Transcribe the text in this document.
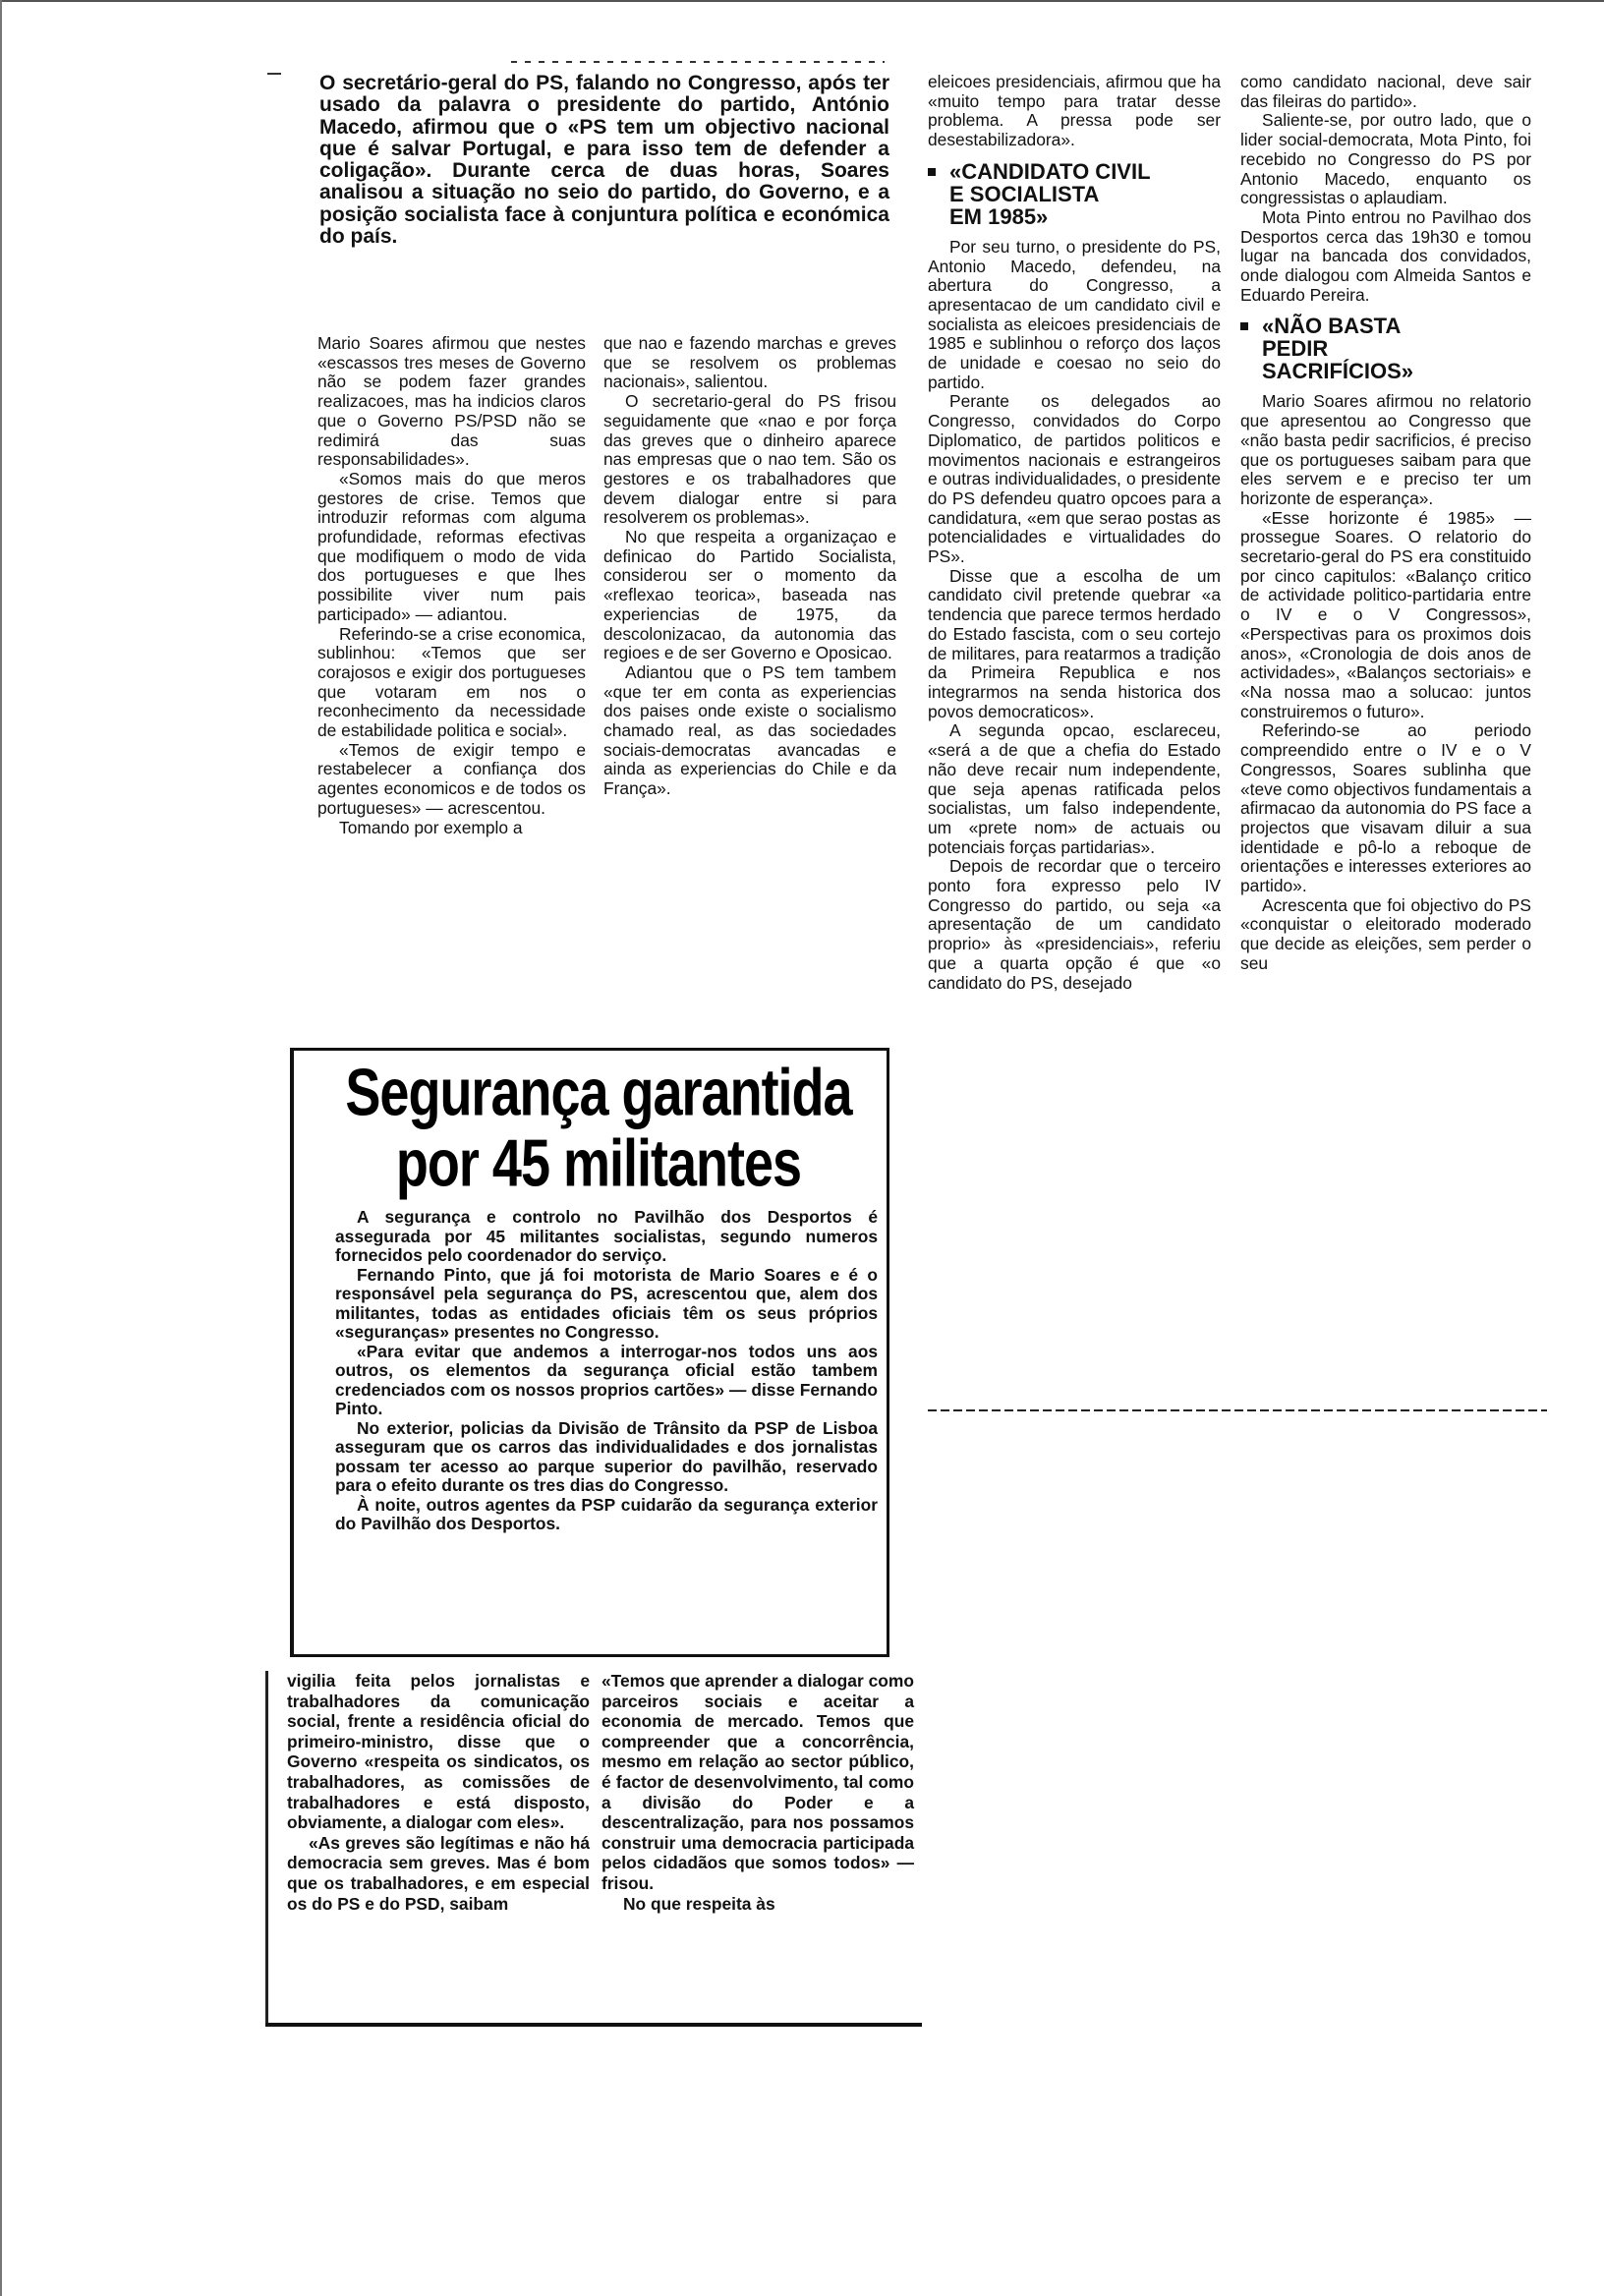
O secretário-geral do PS, falando no Congresso, após ter usado da palavra o presidente do partido, António Macedo, afirmou que o «PS tem um objectivo nacional que é salvar Portugal, e para isso tem de defender a coligação». Durante cerca de duas horas, Soares analisou a situação no seio do partido, do Governo, e a posição socialista face à conjuntura política e económica do país.

Mario Soares afirmou que nestes «escassos tres meses de Governo não se podem fazer grandes realizacoes, mas ha indicios claros que o Governo PS/PSD não se redimirá das suas responsabilidades».

«Somos mais do que meros gestores de crise. Temos que introduzir reformas com alguma profundidade, reformas efectivas que modifiquem o modo de vida dos portugueses e que lhes possibilite viver num pais participado» — adiantou.

Referindo-se a crise economica, sublinhou: «Temos que ser corajosos e exigir dos portugueses que votaram em nos o reconhecimento da necessidade de estabilidade politica e social».

«Temos de exigir tempo e restabelecer a confiança dos agentes economicos e de todos os portugueses» — acrescentou.

Tomando por exemplo a

que nao e fazendo marchas e greves que se resolvem os problemas nacionais», salientou.

O secretario-geral do PS frisou seguidamente que «nao e por força das greves que o dinheiro aparece nas empresas que o nao tem. São os gestores e os trabalhadores que devem dialogar entre si para resolverem os problemas».

No que respeita a organizaçao e definicao do Partido Socialista, considerou ser o momento da «reflexao teorica», baseada nas experiencias de 1975, da descolonizacao, da autonomia das regioes e de ser Governo e Oposicao.

Adiantou que o PS tem tambem «que ter em conta as experiencias dos paises onde existe o socialismo chamado real, as das sociedades sociais-democratas avancadas e ainda as experiencias do Chile e da França».

eleicoes presidenciais, afirmou que ha «muito tempo para tratar desse problema. A pressa pode ser desestabilizadora».

«CANDIDATO CIVIL
E SOCIALISTA
EM 1985»

Por seu turno, o presidente do PS, Antonio Macedo, defendeu, na abertura do Congresso, a apresentacao de um candidato civil e socialista as eleicoes presidenciais de 1985 e sublinhou o reforço dos laços de unidade e coesao no seio do partido.

Perante os delegados ao Congresso, convidados do Corpo Diplomatico, de partidos politicos e movimentos nacionais e estrangeiros e outras individualidades, o presidente do PS defendeu quatro opcoes para a candidatura, «em que serao postas as potencialidades e virtualidades do PS».

Disse que a escolha de um candidato civil pretende quebrar «a tendencia que parece termos herdado do Estado fascista, com o seu cortejo de militares, para reatarmos a tradição da Primeira Republica e nos integrarmos na senda historica dos povos democraticos».

A segunda opcao, esclareceu, «será a de que a chefia do Estado não deve recair num independente, que seja apenas ratificada pelos socialistas, um falso independente, um «prete nom» de actuais ou potenciais forças partidarias».

Depois de recordar que o terceiro ponto fora expresso pelo IV Congresso do partido, ou seja «a apresentação de um candidato proprio» às «presidenciais», referiu que a quarta opção é que «o candidato do PS, desejado

como candidato nacional, deve sair das fileiras do partido».

Saliente-se, por outro lado, que o lider social-democrata, Mota Pinto, foi recebido no Congresso do PS por Antonio Macedo, enquanto os congressistas o aplaudiam.

Mota Pinto entrou no Pavilhao dos Desportos cerca das 19h30 e tomou lugar na bancada dos convidados, onde dialogou com Almeida Santos e Eduardo Pereira.

«NÃO BASTA
PEDIR
SACRIFÍCIOS»

Mario Soares afirmou no relatorio que apresentou ao Congresso que «não basta pedir sacrificios, é preciso que os portugueses saibam para que eles servem e e preciso ter um horizonte de esperança».

«Esse horizonte é 1985» — prossegue Soares. O relatorio do secretario-geral do PS era constituido por cinco capitulos: «Balanço critico de actividade politico-partidaria entre o IV e o V Congressos», «Perspectivas para os proximos dois anos», «Cronologia de dois anos de actividades», «Balanços sectoriais» e «Na nossa mao a solucao: juntos construiremos o futuro».

Referindo-se ao periodo compreendido entre o IV e o V Congressos, Soares sublinha que «teve como objectivos fundamentais a afirmacao da autonomia do PS face a projectos que visavam diluir a sua identidade e pô-lo a reboque de orientações e interesses exteriores ao partido».

Acrescenta que foi objectivo do PS «conquistar o eleitorado moderado que decide as eleições, sem perder o seu

Segurança garantida
por 45 militantes

A segurança e controlo no Pavilhão dos Desportos é assegurada por 45 militantes socialistas, segundo numeros fornecidos pelo coordenador do serviço.

Fernando Pinto, que já foi motorista de Mario Soares e é o responsável pela segurança do PS, acrescentou que, alem dos militantes, todas as entidades oficiais têm os seus próprios «seguranças» presentes no Congresso.

«Para evitar que andemos a interrogar-nos todos uns aos outros, os elementos da segurança oficial estão tambem credenciados com os nossos proprios cartões» — disse Fernando Pinto.

No exterior, policias da Divisão de Trânsito da PSP de Lisboa asseguram que os carros das individualidades e dos jornalistas possam ter acesso ao parque superior do pavilhão, reservado para o efeito durante os tres dias do Congresso.

À noite, outros agentes da PSP cuidarão da segurança exterior do Pavilhão dos Desportos.

vigilia feita pelos jornalistas e trabalhadores da comunicação social, frente a residência oficial do primeiro-ministro, disse que o Governo «respeita os sindicatos, os trabalhadores, as comissões de trabalhadores e está disposto, obviamente, a dialogar com eles».

«As greves são legítimas e não há democracia sem greves. Mas é bom que os trabalhadores, e em especial os do PS e do PSD, saibam

«Temos que aprender a dialogar como parceiros sociais e aceitar a economia de mercado. Temos que compreender que a concorrência, mesmo em relação ao sector público, é factor de desenvolvimento, tal como a divisão do Poder e a descentralização, para nos possamos construir uma democracia participada pelos cidadãos que somos todos» — frisou.

No que respeita às
